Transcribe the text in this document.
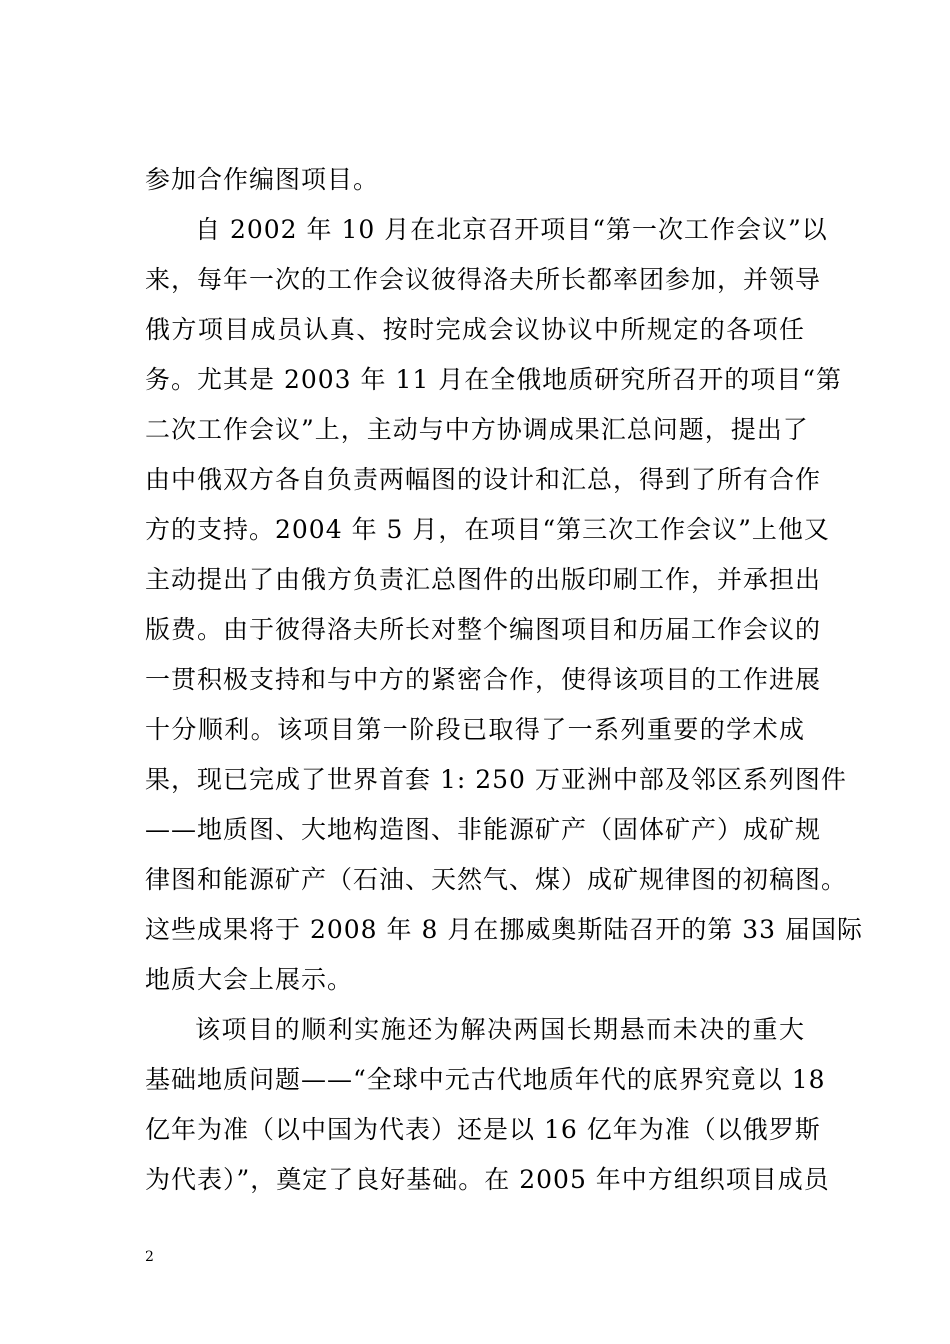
参加合作编图项目。
自 2002 年 10 月在北京召开项目“第一次工作会议”以
来，每年一次的工作会议彼得洛夫所长都率团参加，并领导
俄方项目成员认真、按时完成会议协议中所规定的各项任
务。尤其是 2003 年 11 月在全俄地质研究所召开的项目“第
二次工作会议”上，主动与中方协调成果汇总问题，提出了
由中俄双方各自负责两幅图的设计和汇总，得到了所有合作
方的支持。2004 年 5 月，在项目“第三次工作会议”上他又
主动提出了由俄方负责汇总图件的出版印刷工作，并承担出
版费。由于彼得洛夫所长对整个编图项目和历届工作会议的
一贯积极支持和与中方的紧密合作，使得该项目的工作进展
十分顺利。该项目第一阶段已取得了一系列重要的学术成
果，现已完成了世界首套 1: 250 万亚洲中部及邻区系列图件
——地质图、大地构造图、非能源矿产（固体矿产）成矿规
律图和能源矿产（石油、天然气、煤）成矿规律图的初稿图。
这些成果将于 2008 年 8 月在挪威奥斯陆召开的第 33 届国际
地质大会上展示。
该项目的顺利实施还为解决两国长期悬而未决的重大
基础地质问题——“全球中元古代地质年代的底界究竟以 18
亿年为准（以中国为代表）还是以 16 亿年为准（以俄罗斯
为代表）”，奠定了良好基础。在 2005 年中方组织项目成员
2
